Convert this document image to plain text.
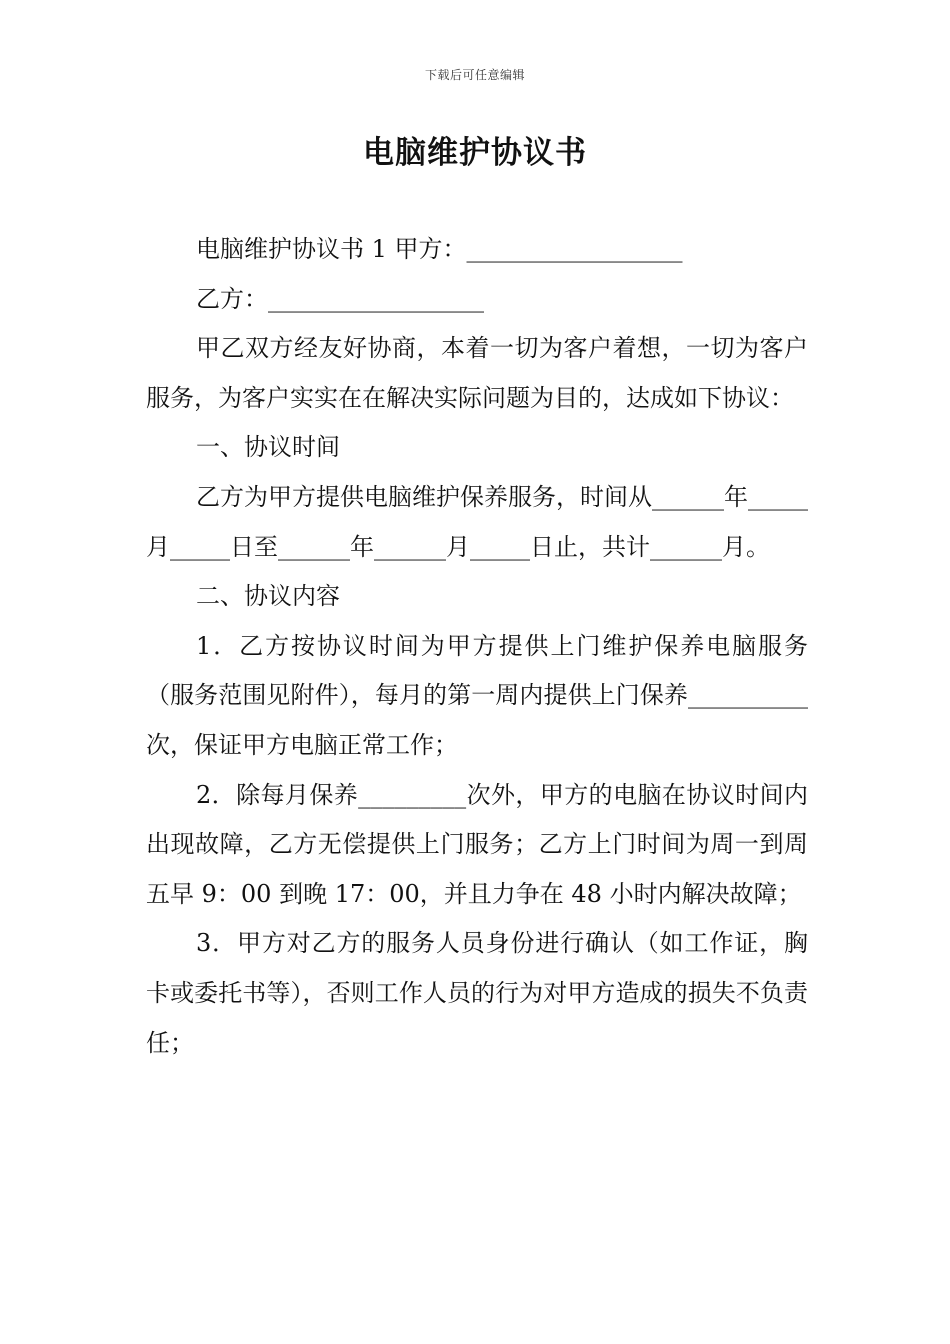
下载后可任意编辑
电脑维护协议书

电脑维护协议书 1 甲方：__________________

乙方：__________________

甲乙双方经友好协商，本着一切为客户着想，一切为客户服务，为客户实实在在解决实际问题为目的，达成如下协议：

一、协议时间

乙方为甲方提供电脑维护保养服务，时间从______年_____月_____日至______年______月_____日止，共计______月。

二、协议内容

1．乙方按协议时间为甲方提供上门维护保养电脑服务（服务范围见附件），每月的第一周内提供上门保养__________次，保证甲方电脑正常工作；

2．除每月保养_________次外，甲方的电脑在协议时间内出现故障，乙方无偿提供上门服务；乙方上门时间为周一到周五早 9：00 到晚 17：00，并且力争在 48 小时内解决故障；

3．甲方对乙方的服务人员身份进行确认（如工作证，胸卡或委托书等），否则工作人员的行为对甲方造成的损失不负责任；
